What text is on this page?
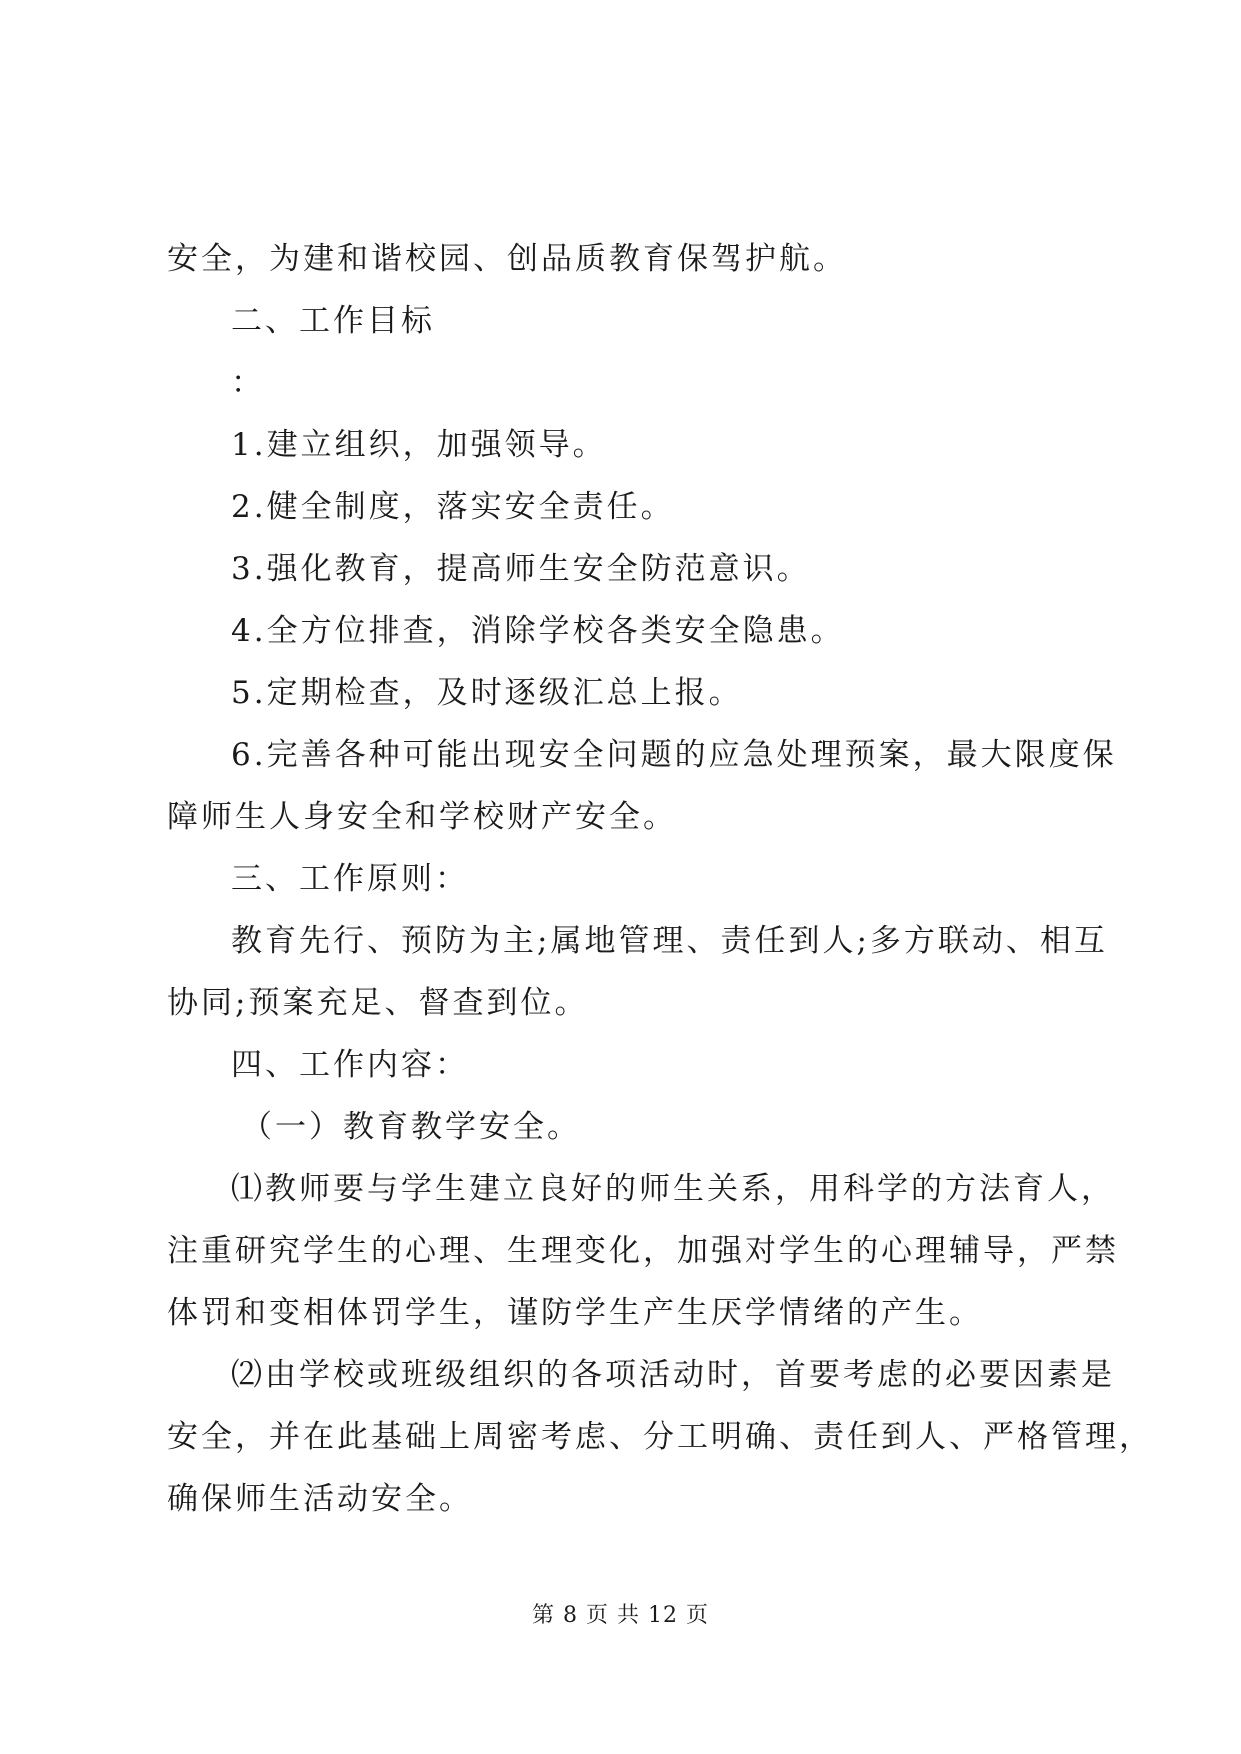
安全，为建和谐校园、创品质教育保驾护航。
二、工作目标
：
1.建立组织，加强领导。
2.健全制度，落实安全责任。
3.强化教育，提高师生安全防范意识。
4.全方位排查，消除学校各类安全隐患。
5.定期检查，及时逐级汇总上报。
6.完善各种可能出现安全问题的应急处理预案，最大限度保
障师生人身安全和学校财产安全。
三、工作原则：
教育先行、预防为主;属地管理、责任到人;多方联动、相互
协同;预案充足、督查到位。
四、工作内容：
（一）教育教学安全。
⑴教师要与学生建立良好的师生关系，用科学的方法育人，
注重研究学生的心理、生理变化，加强对学生的心理辅导，严禁
体罚和变相体罚学生，谨防学生产生厌学情绪的产生。
⑵由学校或班级组织的各项活动时，首要考虑的必要因素是
安全，并在此基础上周密考虑、分工明确、责任到人、严格管理，
确保师生活动安全。
第 8 页 共 12 页
